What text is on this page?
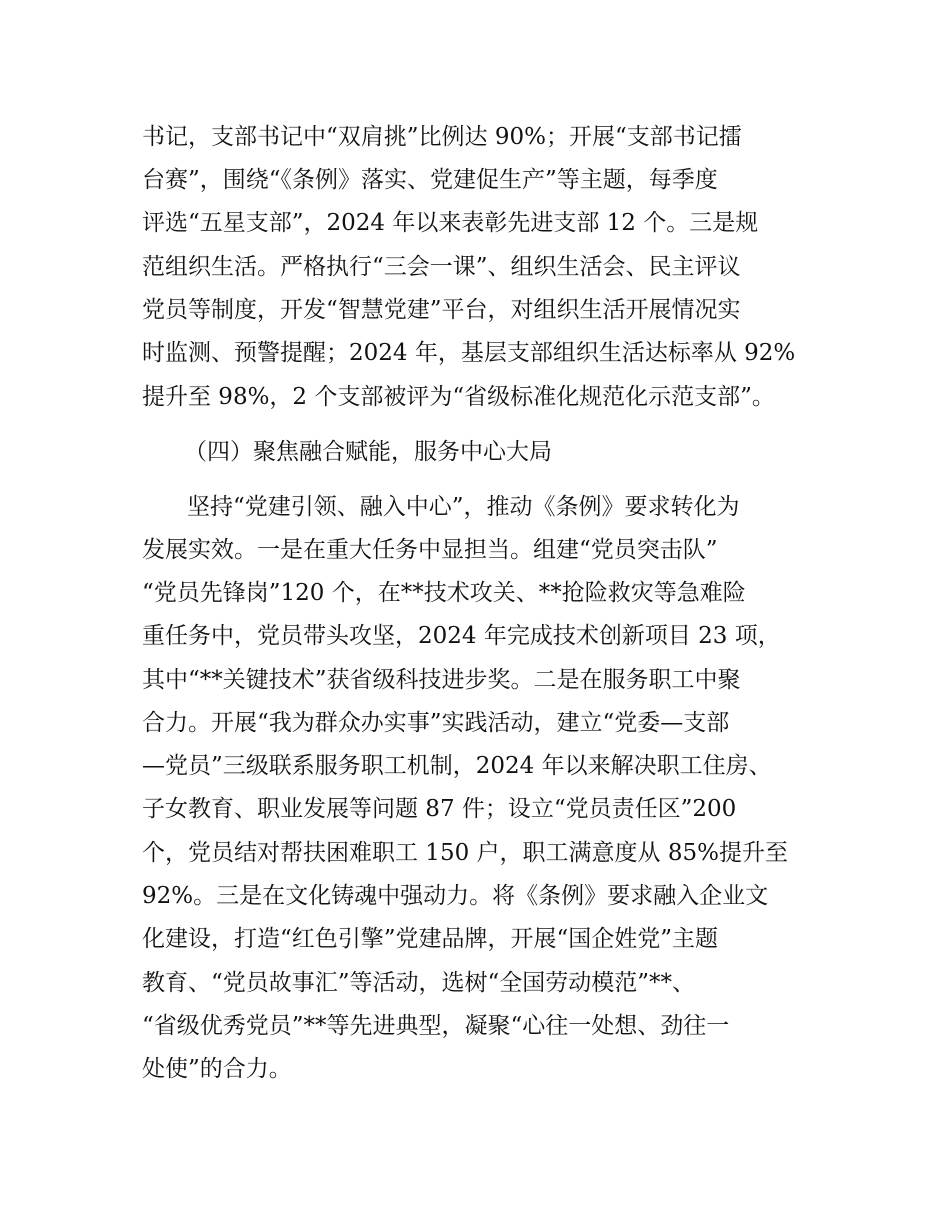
书记，支部书记中“双肩挑”比例达 90%；开展“支部书记擂
台赛”，围绕“《条例》落实、党建促生产”等主题，每季度
评选“五星支部”，2024 年以来表彰先进支部 12 个。三是规
范组织生活。严格执行“三会一课”、组织生活会、民主评议
党员等制度，开发“智慧党建”平台，对组织生活开展情况实
时监测、预警提醒；2024 年，基层支部组织生活达标率从 92%
提升至 98%，2 个支部被评为“省级标准化规范化示范支部”。
（四）聚焦融合赋能，服务中心大局
坚持“党建引领、融入中心”，推动《条例》要求转化为
发展实效。一是在重大任务中显担当。组建“党员突击队”
“党员先锋岗”120 个，在**技术攻关、**抢险救灾等急难险
重任务中，党员带头攻坚，2024 年完成技术创新项目 23 项，
其中“**关键技术”获省级科技进步奖。二是在服务职工中聚
合力。开展“我为群众办实事”实践活动，建立“党委—支部
—党员”三级联系服务职工机制，2024 年以来解决职工住房、
子女教育、职业发展等问题 87 件；设立“党员责任区”200
个，党员结对帮扶困难职工 150 户，职工满意度从 85%提升至
92%。三是在文化铸魂中强动力。将《条例》要求融入企业文
化建设，打造“红色引擎”党建品牌，开展“国企姓党”主题
教育、“党员故事汇”等活动，选树“全国劳动模范”**、
“省级优秀党员”**等先进典型，凝聚“心往一处想、劲往一
处使”的合力。
